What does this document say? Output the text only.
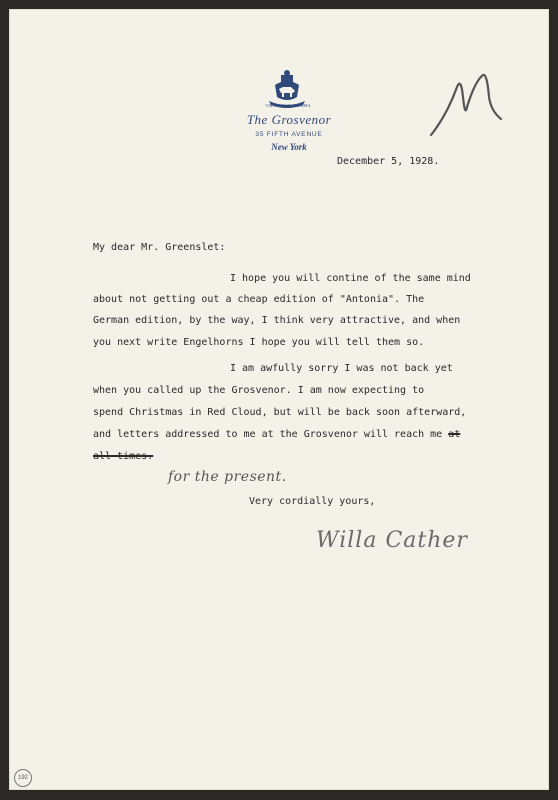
VIRTUS NON STEMMA
The Grosvenor
35 FIFTH AVENUE
New York
December 5, 1928.
My dear Mr. Greenslet:
I hope you will contine of the same mind
about not getting out a cheap edition of "Antonia". The
German edition, by the way, I think very attractive, and when
you next write Engelhorns I hope you will tell them so.
I am awfully sorry I was not back yet
when you called up the Grosvenor. I am now expecting to
spend Christmas in Red Cloud, but will be back soon afterward,
and letters addressed to me at the Grosvenor will reach me at
all times.
for the present.
Very cordially yours,
Willa Cather
192
